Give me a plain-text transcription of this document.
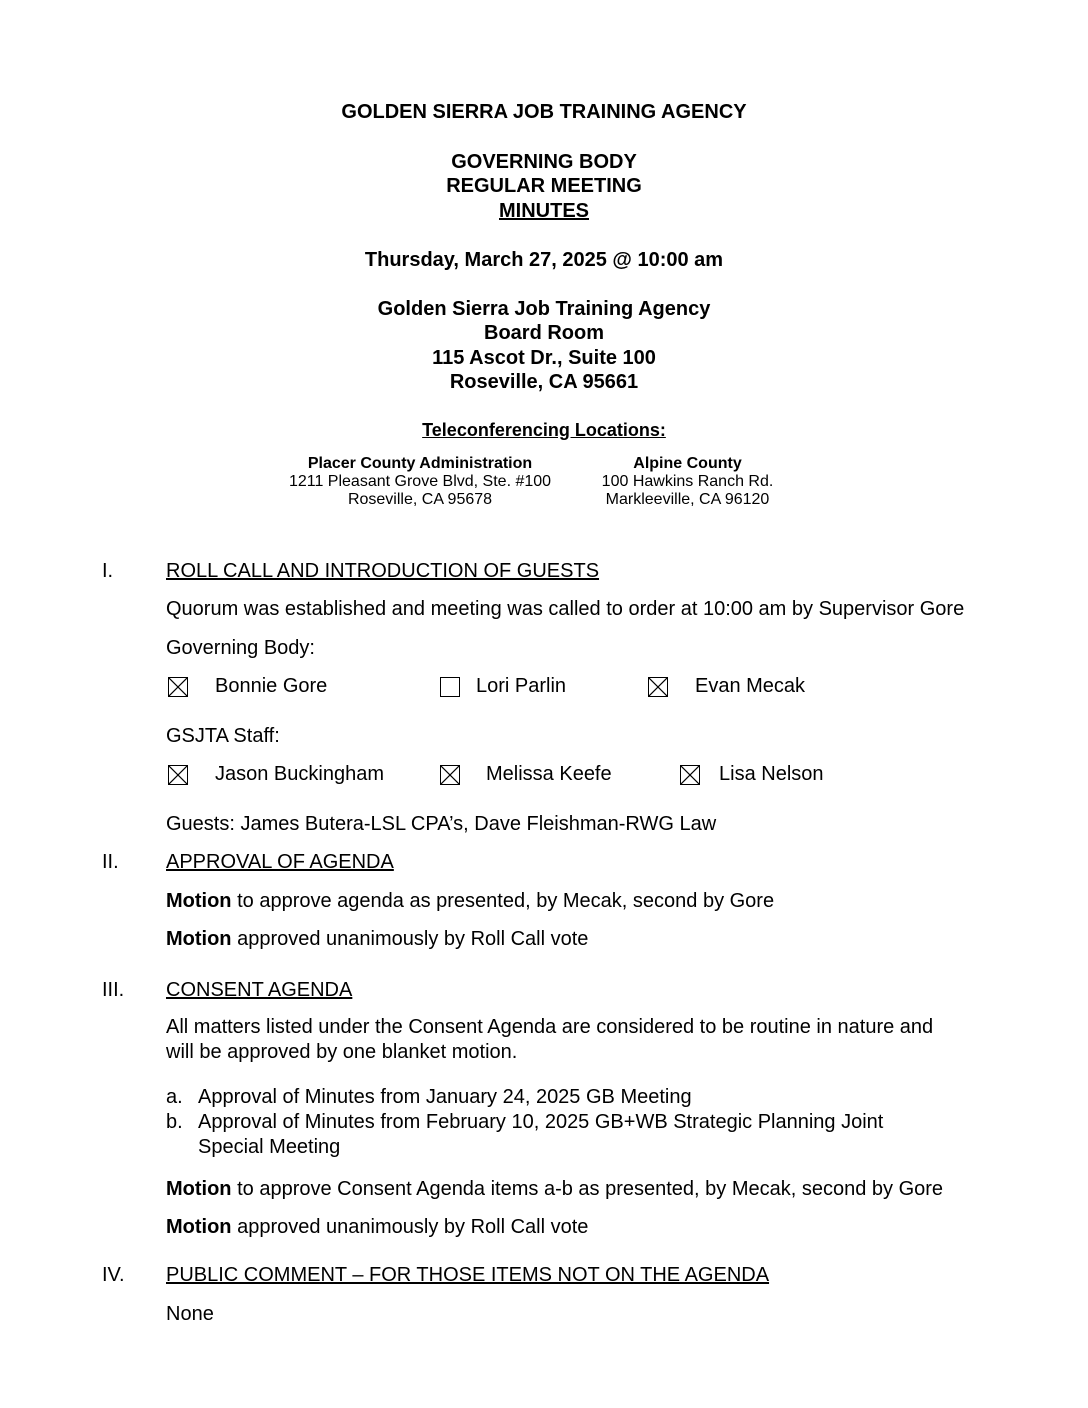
GOLDEN SIERRA JOB TRAINING AGENCY
GOVERNING BODY
REGULAR MEETING
MINUTES
Thursday, March 27, 2025 @ 10:00 am
Golden Sierra Job Training Agency
Board Room
115 Ascot Dr., Suite 100
Roseville, CA 95661
Teleconferencing Locations:
Placer County Administration
1211 Pleasant Grove Blvd, Ste. #100
Roseville, CA 95678
Alpine County
100 Hawkins Ranch Rd.
Markleeville, CA 96120
I.	ROLL CALL AND INTRODUCTION OF GUESTS
Quorum was established and meeting was called to order at 10:00 am by Supervisor Gore
Governing Body:
Bonnie Gore	Lori Parlin	Evan Mecak
GSJTA Staff:
Jason Buckingham	Melissa Keefe	Lisa Nelson
Guests: James Butera-LSL CPA’s, Dave Fleishman-RWG Law
II. APPROVAL OF AGENDA
Motion to approve agenda as presented, by Mecak, second by Gore
Motion approved unanimously by Roll Call vote
III. CONSENT AGENDA
All matters listed under the Consent Agenda are considered to be routine in nature and
will be approved by one blanket motion.
a. Approval of Minutes from January 24, 2025 GB Meeting
b. Approval of Minutes from February 10, 2025 GB+WB Strategic Planning Joint
Special Meeting
Motion to approve Consent Agenda items a-b as presented, by Mecak, second by Gore
Motion approved unanimously by Roll Call vote
IV. PUBLIC COMMENT – FOR THOSE ITEMS NOT ON THE AGENDA
None
